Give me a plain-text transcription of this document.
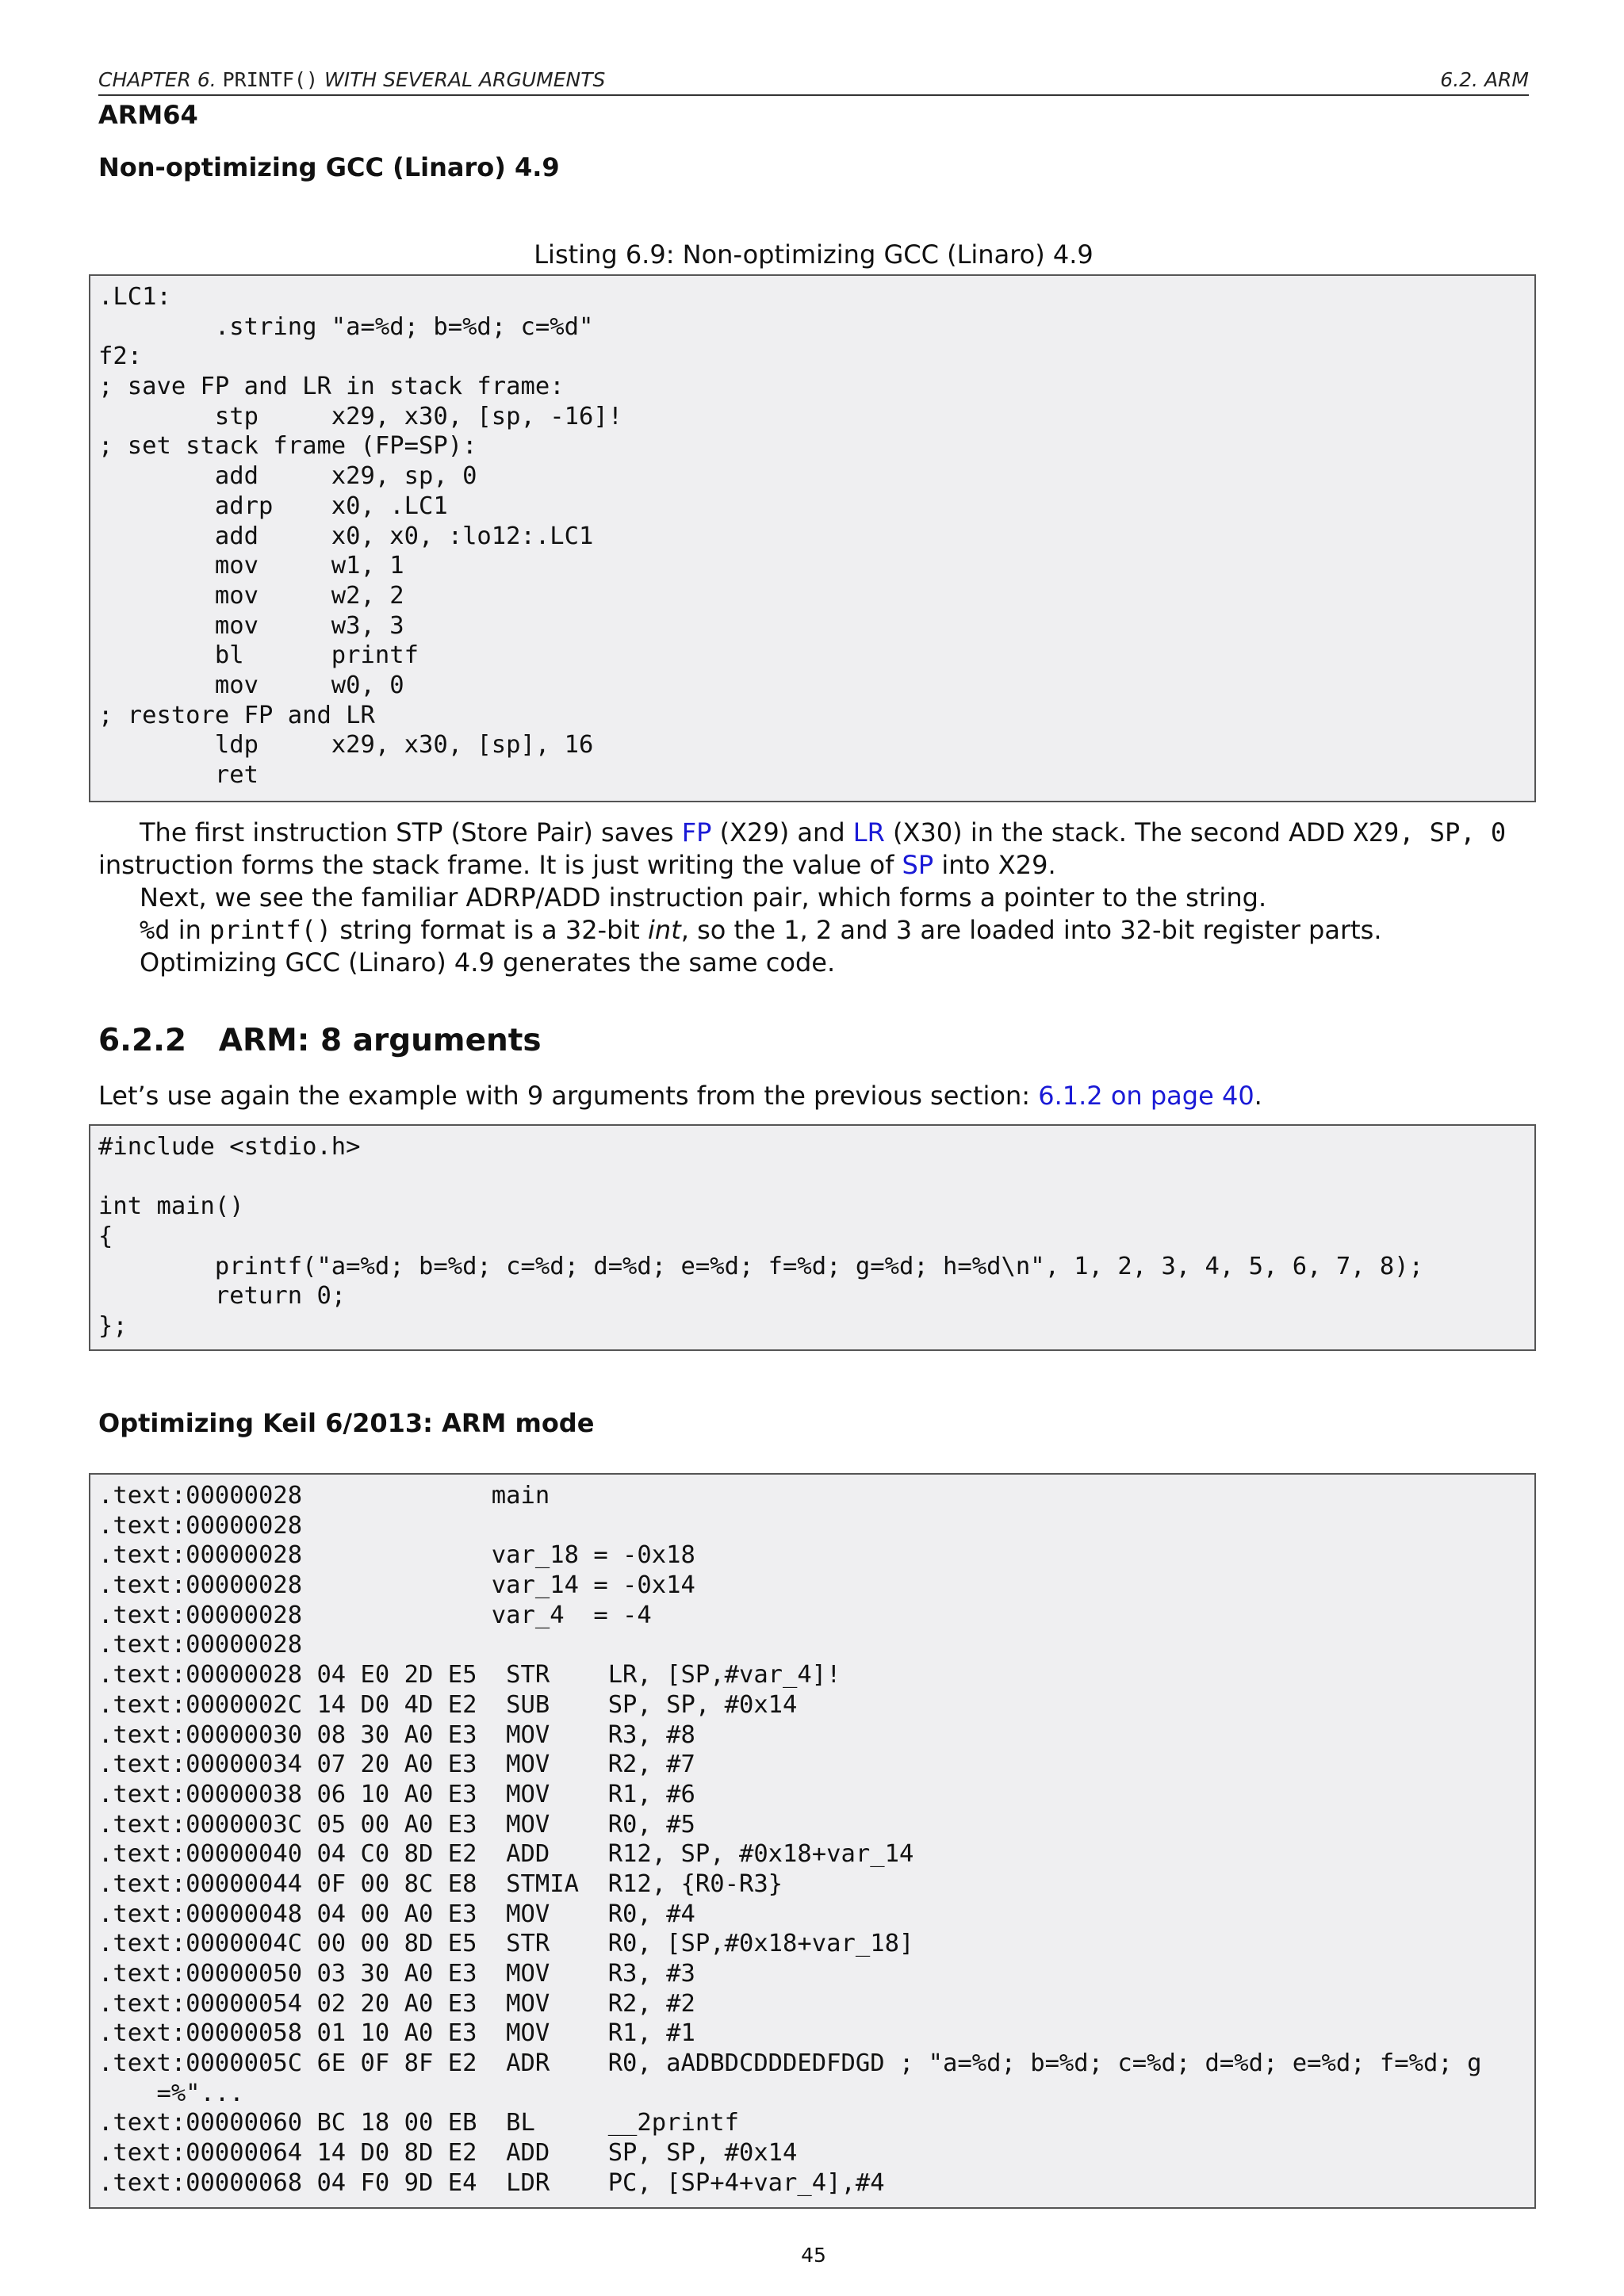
CHAPTER 6. PRINTF() WITH SEVERAL ARGUMENTS	6.2. ARM
ARM64
Non-optimizing GCC (Linaro) 4.9
Listing 6.9: Non-optimizing GCC (Linaro) 4.9
.LC1:
.string "a=%d; b=%d; c=%d"
f2:
; save FP and LR in stack frame:
stp     x29, x30, [sp, -16]!
; set stack frame (FP=SP):
add     x29, sp, 0
adrp    x0, .LC1
add     x0, x0, :lo12:.LC1
mov     w1, 1
mov     w2, 2
mov     w3, 3
bl      printf
mov     w0, 0
; restore FP and LR
ldp     x29, x30, [sp], 16
ret
The first instruction STP (Store Pair) saves FP (X29) and LR (X30) in the stack. The second ADD X29, SP, 0 instruction forms the stack frame. It is just writing the value of SP into X29.
Next, we see the familiar ADRP/ADD instruction pair, which forms a pointer to the string.
%d in printf() string format is a 32-bit int, so the 1, 2 and 3 are loaded into 32-bit register parts.
Optimizing GCC (Linaro) 4.9 generates the same code.
6.2.2 ARM: 8 arguments
Let’s use again the example with 9 arguments from the previous section: 6.1.2 on page 40.
#include <stdio.h>

int main()
{
printf("a=%d; b=%d; c=%d; d=%d; e=%d; f=%d; g=%d; h=%d\n", 1, 2, 3, 4, 5, 6, 7, 8);
return 0;
};
Optimizing Keil 6/2013: ARM mode
.text:00000028             main
.text:00000028
.text:00000028             var_18 = -0x18
.text:00000028             var_14 = -0x14
.text:00000028             var_4  = -4
.text:00000028
.text:00000028 04 E0 2D E5  STR    LR, [SP,#var_4]!
.text:0000002C 14 D0 4D E2  SUB    SP, SP, #0x14
.text:00000030 08 30 A0 E3  MOV    R3, #8
.text:00000034 07 20 A0 E3  MOV    R2, #7
.text:00000038 06 10 A0 E3  MOV    R1, #6
.text:0000003C 05 00 A0 E3  MOV    R0, #5
.text:00000040 04 C0 8D E2  ADD    R12, SP, #0x18+var_14
.text:00000044 0F 00 8C E8  STMIA  R12, {R0-R3}
.text:00000048 04 00 A0 E3  MOV    R0, #4
.text:0000004C 00 00 8D E5  STR    R0, [SP,#0x18+var_18]
.text:00000050 03 30 A0 E3  MOV    R3, #3
.text:00000054 02 20 A0 E3  MOV    R2, #2
.text:00000058 01 10 A0 E3  MOV    R1, #1
.text:0000005C 6E 0F 8F E2  ADR    R0, aADBDCDDDEDFDGD ; "a=%d; b=%d; c=%d; d=%d; e=%d; f=%d; g
=%"...
.text:00000060 BC 18 00 EB  BL     __2printf
.text:00000064 14 D0 8D E2  ADD    SP, SP, #0x14
.text:00000068 04 F0 9D E4  LDR    PC, [SP+4+var_4],#4
45
